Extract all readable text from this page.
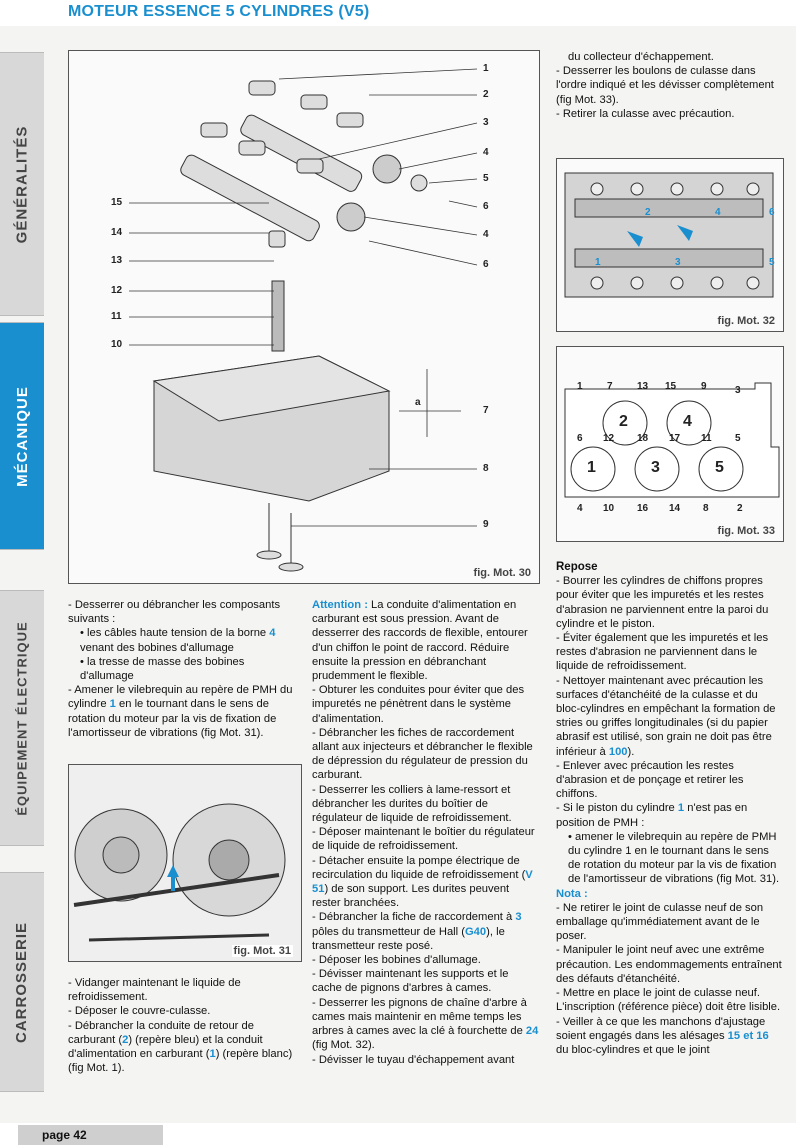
MOTEUR ESSENCE 5 CYLINDRES (V5)
GÉNÉRALITÉS
MÉCANIQUE
ÉQUIPEMENT ÉLECTRIQUE
CARROSSERIE
1
2
3
4
5
6
4
6
7
8
9
15
14
13
12
11
10
a
fig. Mot. 30

- Desserrer ou débrancher les composants suivants :

• les câbles haute tension de la borne 4 venant des bobines d'allumage

• la tresse de masse des bobines d'allumage

- Amener le vilebrequin au repère de PMH du cylindre 1 en le tournant dans le sens de rotation du moteur par la vis de fixation de l'amortisseur de vibrations (fig Mot. 31).

fig. Mot. 31

- Vidanger maintenant le liquide de refroidissement.

- Déposer le couvre-culasse.

- Débrancher la conduite de retour de carburant (2) (repère bleu) et la conduit d'alimentation en carburant (1) (repère blanc) (fig Mot. 1).

Attention : La conduite d'alimentation en carburant est sous pression. Avant de desserrer des raccords de flexible, entourer d'un chiffon le point de raccord. Réduire ensuite la pression en débranchant prudemment le flexible.

- Obturer les conduites pour éviter que des impuretés ne pénètrent dans le système d'alimentation.

- Débrancher les fiches de raccordement allant aux injecteurs et débrancher le flexible de dépression du régulateur de pression du carburant.

- Desserrer les colliers à lame-ressort et débrancher les durites du boîtier de régulateur de liquide de refroidissement.

- Déposer maintenant le boîtier du régulateur de liquide de refroidissement.

- Détacher ensuite la pompe électrique de recirculation du liquide de refroidissement (V 51) de son support. Les durites peuvent rester branchées.

- Débrancher la fiche de raccordement à 3 pôles du transmetteur de Hall (G40), le transmetteur reste posé.

- Déposer les bobines d'allumage.

- Dévisser maintenant les supports et le cache de pignons d'arbres à cames.

- Desserrer les pignons de chaîne d'arbre à cames mais maintenir en même temps les arbres à cames avec la clé à fourchette de 24 (fig Mot. 32).

- Dévisser le tuyau d'échappement avant

du collecteur d'échappement.

- Desserrer les boulons de culasse dans l'ordre indiqué et les dévisser complètement (fig Mot. 33).

- Retirer la culasse avec précaution.

2	4	6
1	3	5
fig. Mot. 32
1 7 13 15 9	3
6 12 18 17 11 5
4 10 16 14 8	2
2	4
1	3	5
fig. Mot. 33

Repose

- Bourrer les cylindres de chiffons propres pour éviter que les impuretés et les restes d'abrasion ne parviennent entre la paroi du cylindre et le piston.

- Éviter également que les impuretés et les restes d'abrasion ne parviennent dans le liquide de refroidissement.

- Nettoyer maintenant avec précaution les surfaces d'étanchéité de la culasse et du bloc-cylindres en empêchant la formation de stries ou griffes longitudinales (si du papier abrasif est utilisé, son grain ne doit pas être inférieur à 100).

- Enlever avec précaution les restes d'abrasion et de ponçage et retirer les chiffons.

- Si le piston du cylindre 1 n'est pas en position de PMH :

• amener le vilebrequin au repère de PMH du cylindre 1 en le tournant dans le sens de rotation du moteur par la vis de fixation de l'amortisseur de vibrations (fig Mot. 31).

Nota :

- Ne retirer le joint de culasse neuf de son emballage qu'immédiatement avant de le poser.

- Manipuler le joint neuf avec une extrême précaution. Les endommagements entraînent des défauts d'étanchéité.

- Mettre en place le joint de culasse neuf. L'inscription (référence pièce) doit être lisible.

- Veiller à ce que les manchons d'ajustage soient engagés dans les alésages 15 et 16 du bloc-cylindres et que le joint

page 42
